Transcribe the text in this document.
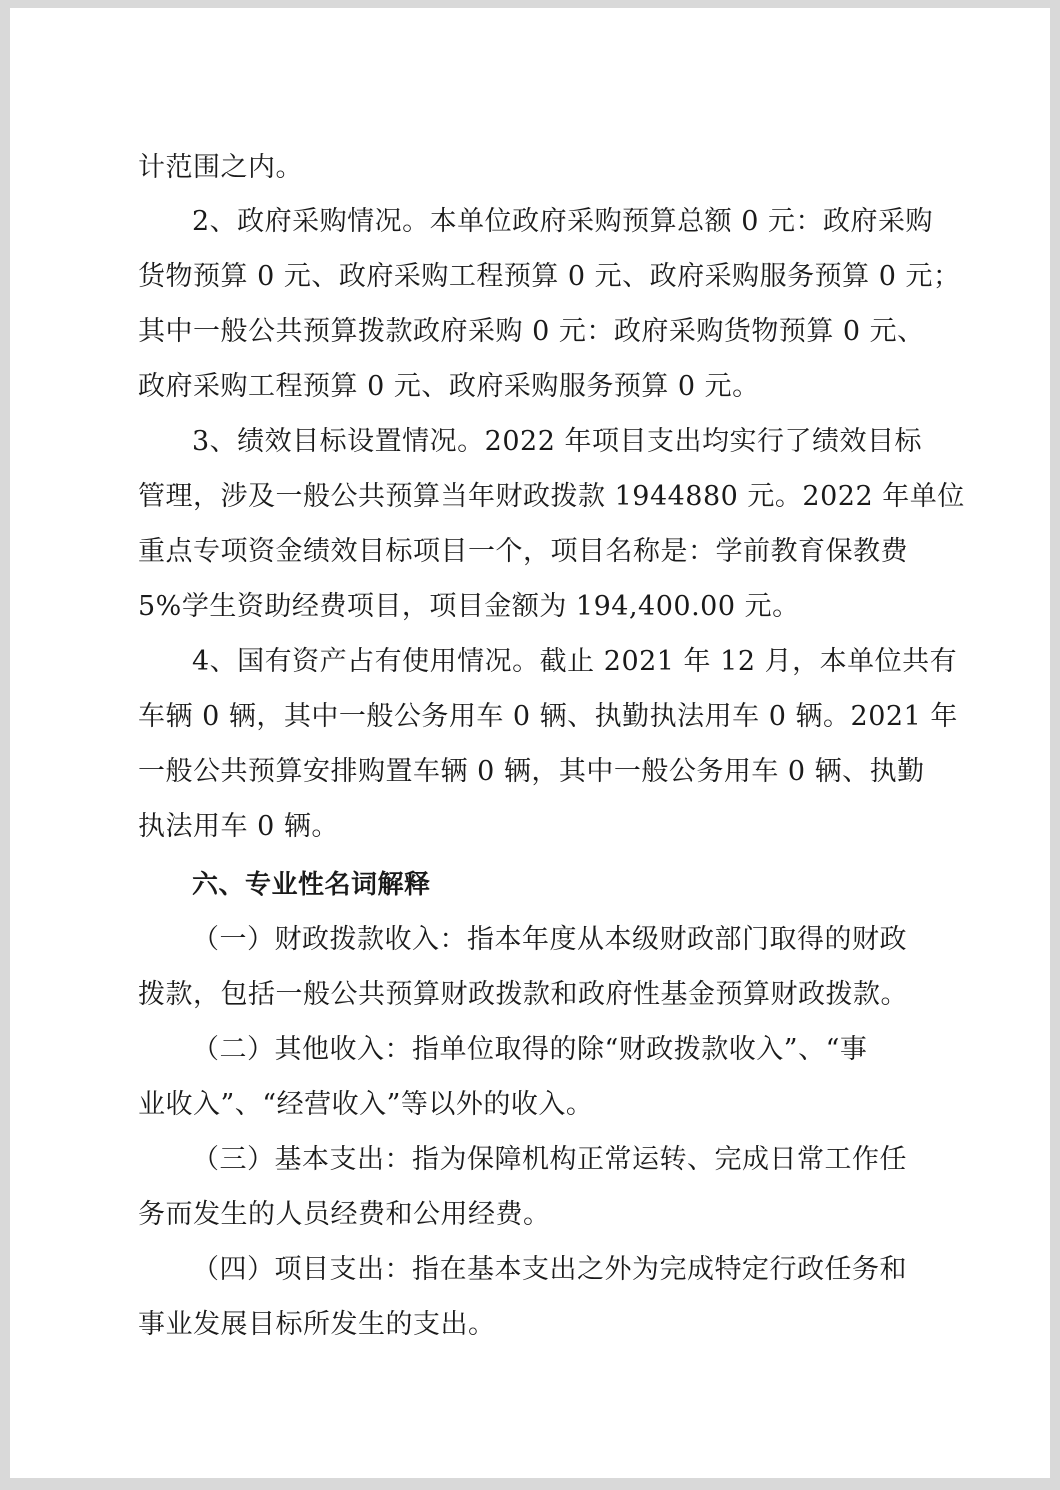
计范围之内。
2、政府采购情况。本单位政府采购预算总额 0 元：政府采购
货物预算 0 元、政府采购工程预算 0 元、政府采购服务预算 0 元；
其中一般公共预算拨款政府采购 0 元：政府采购货物预算 0 元、
政府采购工程预算 0 元、政府采购服务预算 0 元。
3、绩效目标设置情况。2022 年项目支出均实行了绩效目标
管理，涉及一般公共预算当年财政拨款 1944880 元。2022 年单位
重点专项资金绩效目标项目一个，项目名称是：学前教育保教费
5%学生资助经费项目，项目金额为 194,400.00 元。
4、国有资产占有使用情况。截止 2021 年 12 月，本单位共有
车辆 0 辆，其中一般公务用车 0 辆、执勤执法用车 0 辆。2021 年
一般公共预算安排购置车辆 0 辆，其中一般公务用车 0 辆、执勤
执法用车 0 辆。
六、专业性名词解释
（一）财政拨款收入：指本年度从本级财政部门取得的财政
拨款，包括一般公共预算财政拨款和政府性基金预算财政拨款。
（二）其他收入：指单位取得的除“财政拨款收入”、“事
业收入”、“经营收入”等以外的收入。
（三）基本支出：指为保障机构正常运转、完成日常工作任
务而发生的人员经费和公用经费。
（四）项目支出：指在基本支出之外为完成特定行政任务和
事业发展目标所发生的支出。
